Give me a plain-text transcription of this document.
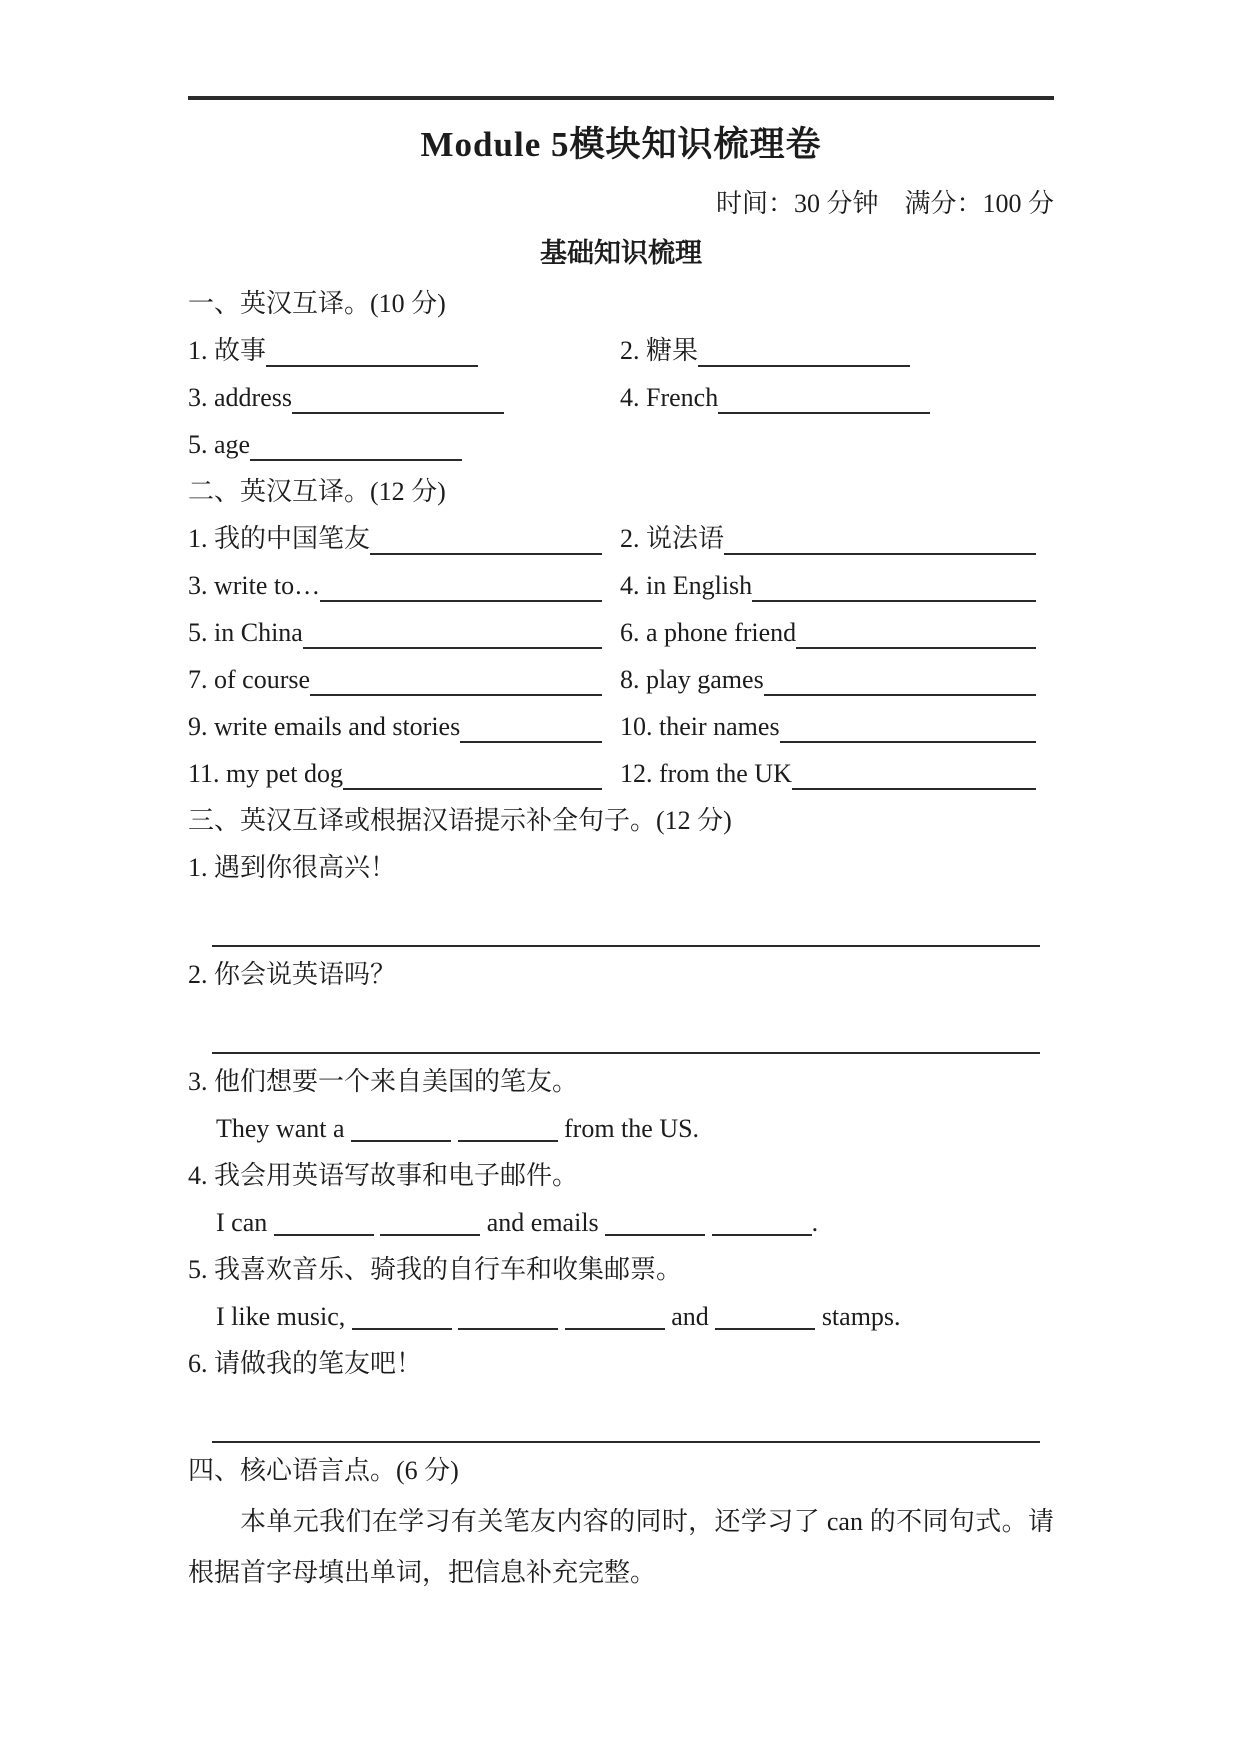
Module 5模块知识梳理卷
时间：30 分钟　满分：100 分
基础知识梳理
一、英汉互译。(10 分)
1. 故事	2. 糖果
3. address	4. French
5. age
二、英汉互译。(12 分)
1. 我的中国笔友	2. 说法语
3. write to…	4. in English
5. in China	6. a phone friend
7. of course	8. play games
9. write emails and stories	10. their names
11. my pet dog	12. from the UK
三、英汉互译或根据汉语提示补全句子。(12 分)
1. 遇到你很高兴！
2. 你会说英语吗？
3. 他们想要一个来自美国的笔友。
They want a	from the US.
4. 我会用英语写故事和电子邮件。
I can	and emails	.
5. 我喜欢音乐、骑我的自行车和收集邮票。
I like music,	and	stamps.
6. 请做我的笔友吧！
四、核心语言点。(6 分)

本单元我们在学习有关笔友内容的同时，还学习了 can 的不同句式。请根据首字母填出单词，把信息补充完整。
